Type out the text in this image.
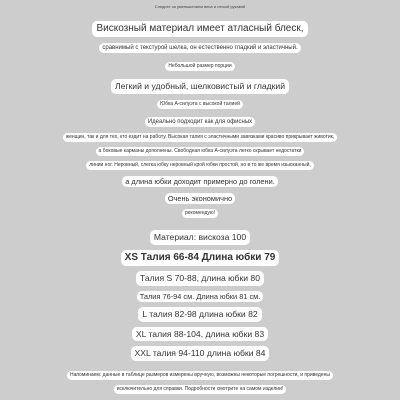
Следите за уменьшением веса и легкой рукавой
Вискозный материал имеет атласный блеск,
сравнимый с текстурой шелка, он естественно гладкий и эластичный.
Небольшой размер порции
Легкий и удобный, шелковистый и гладкий
Юбка A-силуэта с высокой талией
Идеально подходит как для офисных
женщин, так и для тех, кто ездит на работу. Высокая талия с эластичными завязками красиво прикрывает животик,
а боковые карманы дополнены. Свободная юбка A-силуэта легко скрывает недостатки
линии ног. Неровный, слегка юбку неровный крой юбки простой, но в то же время изысканный,
а длина юбки доходит примерно до голени.
Очень экономично
рекомендую!
Материал: вискоза 100
XS Талия 66-84 Длина юбки 79
Талия S 70-88, длина юбки 80
Талия 76-94 см. Длина юбки 81 см.
L талия 82-98 длина юбки 82
XL талия 88-104, длина юбки 83
XXL талия 94-110 длина юбки 84
Напоминаем: данные в таблице размеров измерены вручную, возможны некоторые погрешности, и приведены
исключительно для справки. Подробности смотрите на самом изделии!
